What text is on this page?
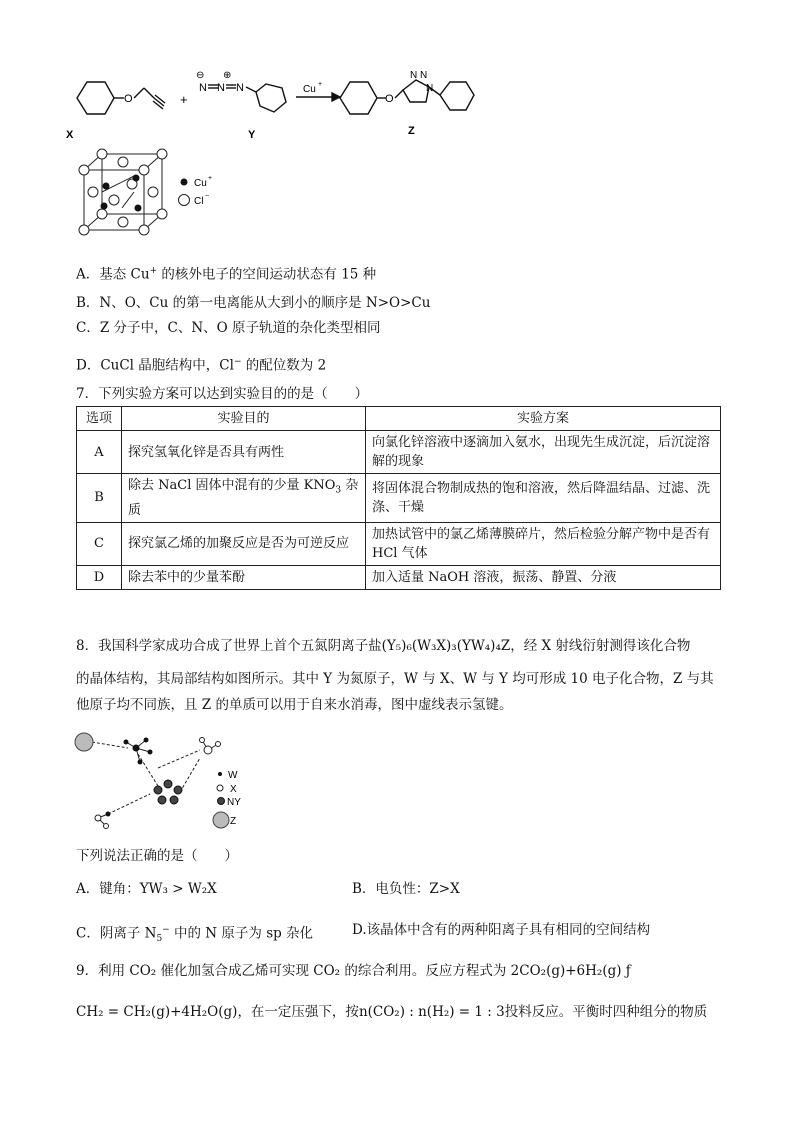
X
+
⊖ ⊕
N N N
Y
Cu +
O	O
N N
N
Z
Cu +
Cl −
A．基态 Cu+ 的核外电子的空间运动状态有 15 种
B．N、O、Cu 的第一电离能从大到小的顺序是 N>O>Cu
C．Z 分子中，C、N、O 原子轨道的杂化类型相同
D．CuCl 晶胞结构中，Cl− 的配位数为 2
7．下列实验方案可以达到实验目的的是（　　）
选项	实验目的	实验方案
A	探究氢氧化锌是否具有两性	向氯化锌溶液中逐滴加入氨水，出现先生成沉淀，后沉淀溶解的现象
B	除去 NaCl 固体中混有的少量 $KNO_3$ 杂质	将固体混合物制成热的饱和溶液，然后降温结晶、过滤、洗涤、干燥
C	探究氯乙烯的加聚反应是否为可逆反应	加热试管中的氯乙烯薄膜碎片，然后检验分解产物中是否有 HCl 气体
D	除去苯中的少量苯酚	加入适量 NaOH 溶液，振荡、静置、分液
8．我国科学家成功合成了世界上首个五氮阴离子盐(Y₅)₆(W₃X)₃(YW₄)₄Z，经 X 射线衍射测得该化合物
的晶体结构，其局部结构如图所示。其中 Y 为氮原子，W 与 X、W 与 Y 均可形成 10 电子化合物，Z 与其
他原子均不同族，且 Z 的单质可以用于自来水消毒，图中虚线表示氢键。
W
X
NY
Z
下列说法正确的是（　　）
A．键角：YW₃ > W₂X	B．电负性：Z>X
C．阴离子 $N_5^-$ 中的 N 原子为 sp 杂化	D.该晶体中含有的两种阳离子具有相同的空间结构
9．利用 CO₂ 催化加氢合成乙烯可实现 CO₂ 的综合利用。反应方程式为 2CO₂(g)+6H₂(g) ƒ
CH₂ = CH₂(g)+4H₂O(g)，在一定压强下，按n(CO₂) : n(H₂) = 1 : 3投料反应。平衡时四种组分的物质
